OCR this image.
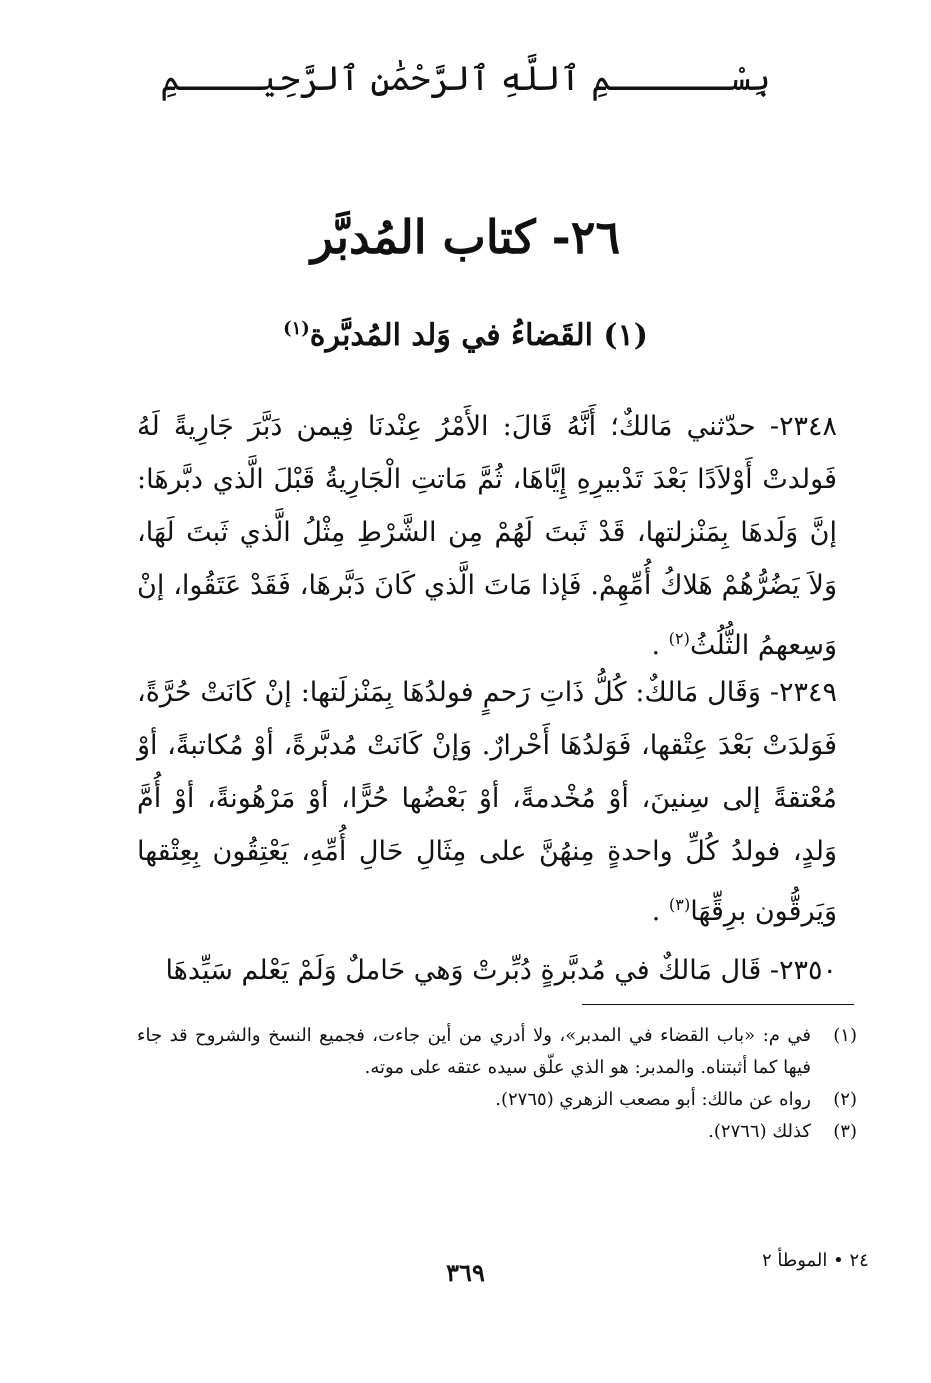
بِسْــــــمِ ٱللَّهِ ٱلرَّحْمَٰنِ ٱلرَّحِيــــمِ
٢٦- كتاب المُدبَّر
(١) القَضاءُ في وَلد المُدبَّرة$^{(١)}$
٢٣٤٨- حدّثني مَالكٌ؛ أَنَّهُ قَالَ: الأَمْرُ عِنْدنَا فِيمن دَبَّرَ جَارِيةً لَهُ فَولدتْ أَوْلاَدًا بَعْدَ تَدْبيرِهِ إِيَّاهَا، ثُمَّ مَاتتِ الْجَارِيةُ قَبْلَ الَّذي دبَّرهَا: إنَّ وَلَدهَا بِمَنْزلتها، قَدْ ثَبتَ لَهُمْ مِن الشَّرْطِ مِثْلُ الَّذي ثَبتَ لَهَا، وَلاَ يَضُرُّهُمْ هَلاكُ أُمِّهِمْ. فَإذا مَاتَ الَّذي كَانَ دَبَّرهَا، فَقَدْ عَتَقُوا، إنْ وَسِعهمُ الثُّلُثُ$^{(٢)}$ .
٢٣٤٩- وَقَال مَالكٌ: كُلُّ ذَاتِ رَحمٍ فولدُهَا بِمَنْزلَتها: إنْ كَانَتْ حُرَّةً، فَوَلدَتْ بَعْدَ عِتْقها، فَوَلدُهَا أَحْرارٌ. وَإنْ كَانَتْ مُدبَّرةً، أوْ مُكاتبةً، أوْ مُعْتقةً إلى سِنينَ، أوْ مُخْدمةً، أوْ بَعْضُها حُرًّا، أوْ مَرْهُونةً، أوْ أُمَّ وَلدٍ، فولدُ كُلِّ واحدةٍ مِنهُنَّ على مِثَالِ حَالِ أُمِّهِ، يَعْتِقُون بِعِتْقها وَيَرقُّون برِقِّهَا$^{(٣)}$ .
٢٣٥٠- قَال مَالكٌ في مُدبَّرةٍ دُبِّرتْ وَهي حَاملٌ وَلَمْ يَعْلم سَيِّدهَا
(١)
في م: «باب القضاء في المدبر»، ولا أدري من أين جاءت، فجميع النسخ والشروح قد جاء فيها كما أثبتناه. والمدبر: هو الذي علّق سيده عتقه على موته.
(٢)
رواه عن مالك: أبو مصعب الزهري (٢٧٦٥).
(٣)
كذلك (٢٧٦٦).
٣٦٩	٢٤ • الموطأ ٢
